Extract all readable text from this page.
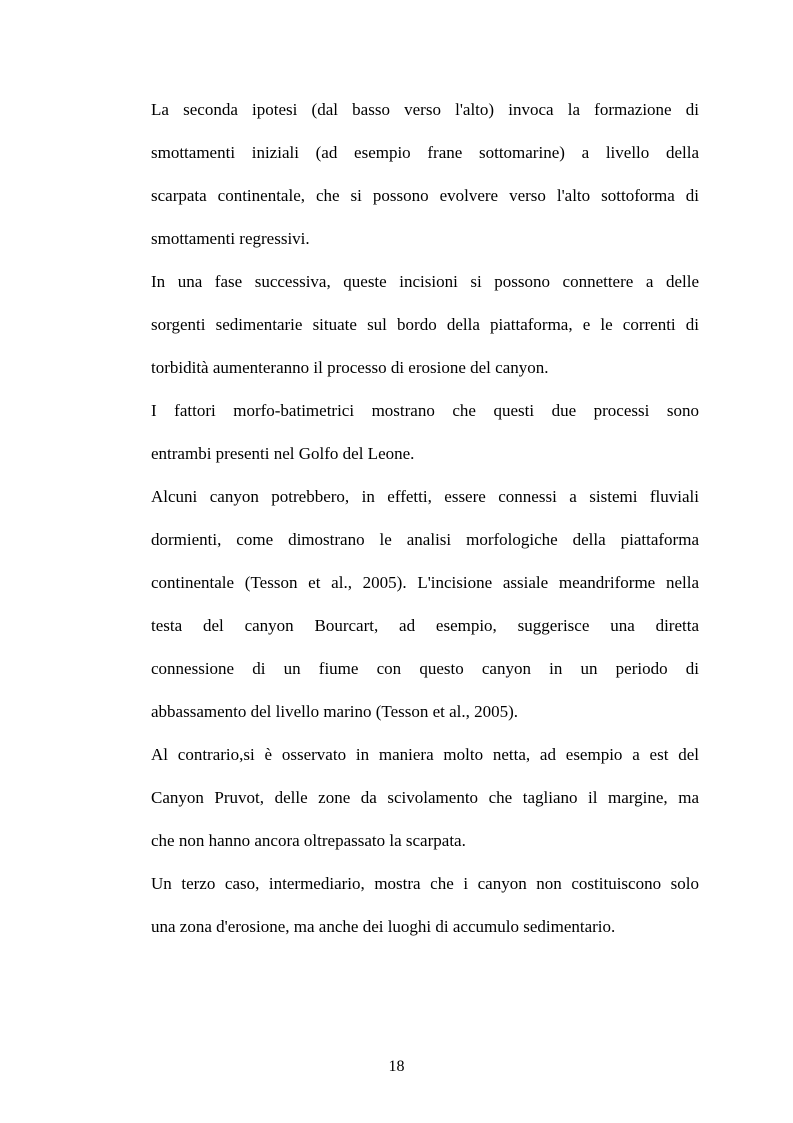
La seconda ipotesi (dal basso verso l'alto) invoca la formazione di
smottamenti iniziali (ad esempio frane sottomarine) a livello della
scarpata continentale, che si possono evolvere verso l'alto sottoforma di
smottamenti regressivi.
In una fase successiva, queste incisioni si possono connettere a delle
sorgenti sedimentarie situate sul bordo della piattaforma, e le correnti di
torbidità aumenteranno il processo di erosione del canyon.
I fattori morfo-batimetrici mostrano che questi due processi sono
entrambi presenti nel Golfo del Leone.
Alcuni canyon potrebbero, in effetti, essere connessi a sistemi fluviali
dormienti, come dimostrano le analisi morfologiche della piattaforma
continentale (Tesson et al., 2005). L'incisione assiale meandriforme nella
testa del canyon Bourcart, ad esempio, suggerisce una diretta
connessione di un fiume con questo canyon in un periodo di
abbassamento del livello marino (Tesson et al., 2005).
Al contrario,si è osservato in maniera molto netta, ad esempio a est del
Canyon Pruvot, delle zone da scivolamento che tagliano il margine, ma
che non hanno ancora oltrepassato la scarpata.
Un terzo caso, intermediario, mostra che i canyon non costituiscono solo
una zona d'erosione, ma anche dei luoghi di accumulo sedimentario.
18
